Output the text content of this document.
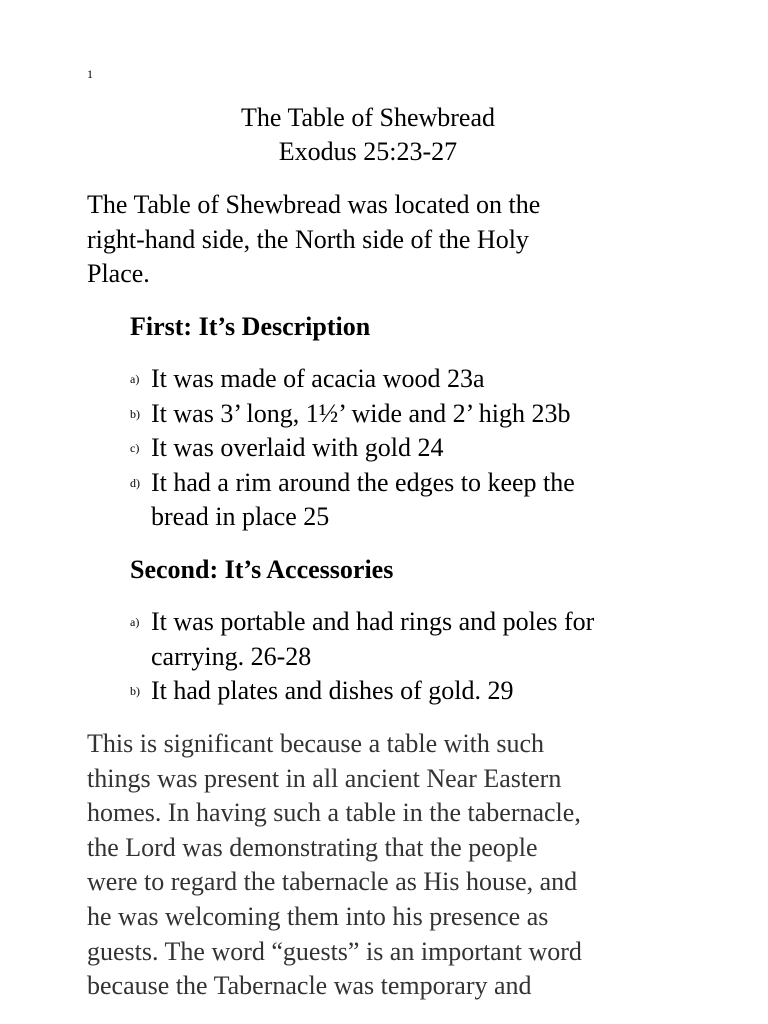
1
The Table of Shewbread
Exodus 25:23-27

The Table of Shewbread was located on the
right-hand side, the North side of the Holy
Place.

First: It’s Description
a) It was made of acacia wood 23a
b) It was 3’ long, 1½’ wide and 2’ high 23b
c) It was overlaid with gold 24
d) It had a rim around the edges to keep the
bread in place 25
Second: It’s Accessories
a) It was portable and had rings and poles for
carrying. 26-28
b) It had plates and dishes of gold. 29

This is significant because a table with such
things was present in all ancient Near Eastern
homes. In having such a table in the tabernacle,
the Lord was demonstrating that the people
were to regard the tabernacle as His house, and
he was welcoming them into his presence as
guests. The word “guests” is an important word
because the Tabernacle was temporary and
